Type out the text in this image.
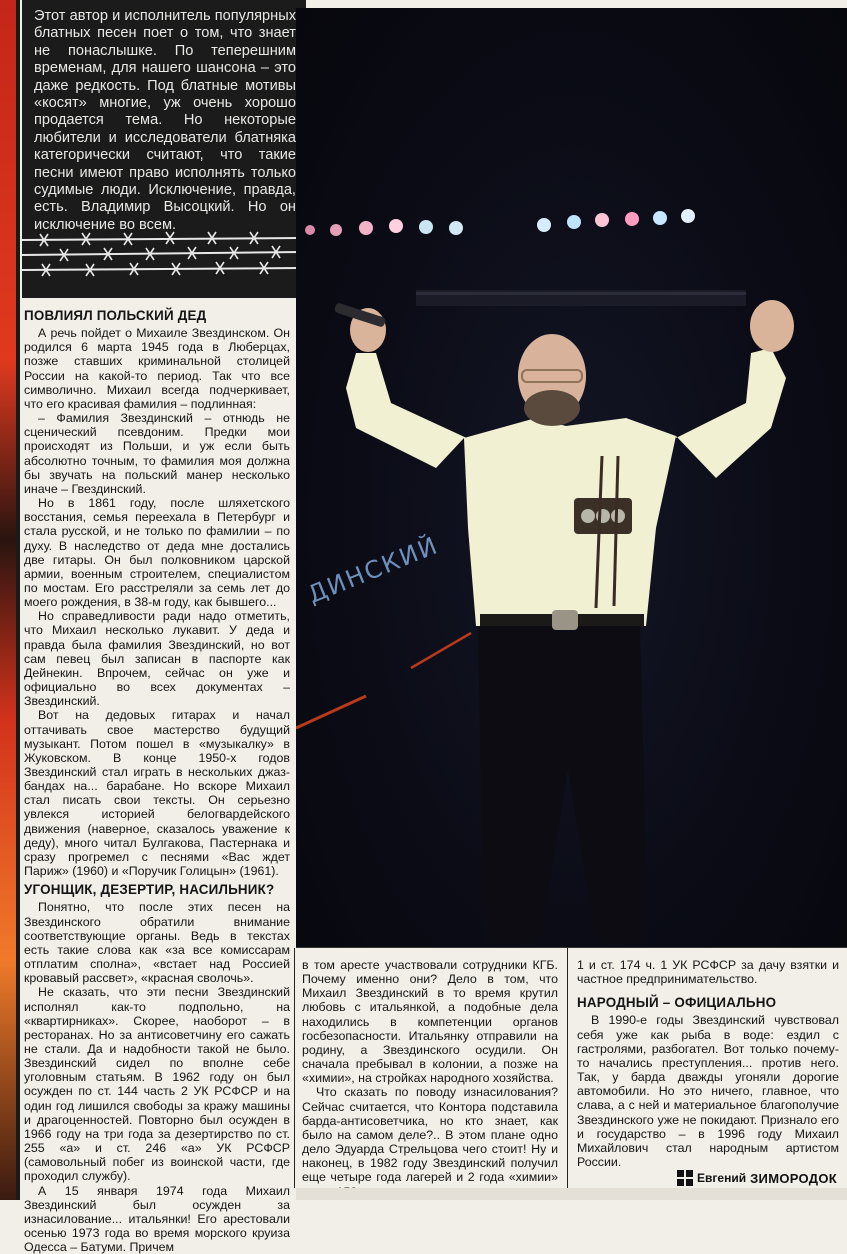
Этот автор и исполнитель популярных блатных песен поет о том, что знает не понаслышке. По теперешним временам, для нашего шансона – это даже редкость. Под блатные мотивы «косят» многие, уж очень хорошо продается тема. Но некоторые любители и исследователи блатняка категорически считают, что такие песни имеют право исполнять только судимые люди. Исключение, правда, есть. Владимир Высоцкий. Но он исключение во всем.
ДИНСКИЙ
ПОВЛИЯЛ ПОЛЬСКИЙ ДЕД

А речь пойдет о Михаиле Звездинском. Он родился 6 марта 1945 года в Люберцах, позже ставших криминальной столицей России на какой-то период. Так что все символично. Михаил всегда подчеркивает, что его красивая фамилия – подлинная:

– Фамилия Звездинский – отнюдь не сценический псевдоним. Предки мои происходят из Польши, и уж если быть абсолютно точным, то фамилия моя должна бы звучать на польский манер несколько иначе – Гвездинский.

Но в 1861 году, после шляхетского восстания, семья переехала в Петербург и стала русской, и не только по фамилии – по духу. В наследство от деда мне достались две гитары. Он был полковником царской армии, военным строителем, специалистом по мостам. Его расстреляли за семь лет до моего рождения, в 38-м году, как бывшего...

Но справедливости ради надо отметить, что Михаил несколько лукавит. У деда и правда была фамилия Звездинский, но вот сам певец был записан в паспорте как Дейнекин. Впрочем, сейчас он уже и официально во всех документах – Звездинский.

Вот на дедовых гитарах и начал оттачивать свое мастерство будущий музыкант. Потом пошел в «музыкалку» в Жуковском. В конце 1950-х годов Звездинский стал играть в нескольких джаз-бандах на... барабане. Но вскоре Михаил стал писать свои тексты. Он серьезно увлекся историей белогвардейского движения (наверное, сказалось уважение к деду), много читал Булгакова, Пастернака и сразу прогремел с песнями «Вас ждет Париж» (1960) и «Поручик Голицын» (1961).

УГОНЩИК, ДЕЗЕРТИР, НАСИЛЬНИК?

Понятно, что после этих песен на Звездинского обратили внимание соответствующие органы. Ведь в текстах есть такие слова как «за все комиссарам отплатим сполна», «встает над Россией кровавый рассвет», «красная сволочь».

Не сказать, что эти песни Звездинский исполнял как-то подпольно, на «квартирниках». Скорее, наоборот – в ресторанах. Но за антисоветчину его сажать не стали. Да и надобности такой не было. Звездинский сидел по вполне себе уголовным статьям. В 1962 году он был осужден по ст. 144 часть 2 УК РСФСР и на один год лишился свободы за кражу машины и драгоценностей. Повторно был осужден в 1966 году на три года за дезертирство по ст. 255 «а» и ст. 246 «а» УК РСФСР (самовольный побег из воинской части, где проходил службу).

А 15 января 1974 года Михаил Звездинский был осужден за изнасилование... итальянки! Его арестовали осенью 1973 года во время морского круиза Одесса – Батуми. Причем

в том аресте участвовали сотрудники КГБ. Почему именно они? Дело в том, что Михаил Звездинский в то время крутил любовь с итальянкой, а подобные дела находились в компетенции органов госбезопасности. Итальянку отправили на родину, а Звездинского осудили. Он сначала пребывал в колонии, а позже на «химии», на стройках народного хозяйства.

Что сказать по поводу изнасилования? Сейчас считается, что Контора подставила барда-антисоветчика, но кто знает, как было на самом деле?.. В этом плане одно дело Эдуарда Стрельцова чего стоит! Ну и наконец, в 1982 году Звездинский получил еще четыре года лагерей и 2 года «химии»

1 и ст. 174 ч. 1 УК РСФСР за дачу взятки и частное предпринимательство.

НАРОДНЫЙ – ОФИЦИАЛЬНО

В 1990-е годы Звездинский чувствовал себя уже как рыба в воде: ездил с гастролями, разбогател. Вот только почему-то начались преступления... против него. Так, у барда дважды угоняли дорогие автомобили. Но это ничего, главное, что слава, а с ней и материальное благополучие Звездинского уже не покидают. Признало его и государство – в 1996 году Михаил Михайлович стал народным артистом России.

Евгений ЗИМОРОДОК
